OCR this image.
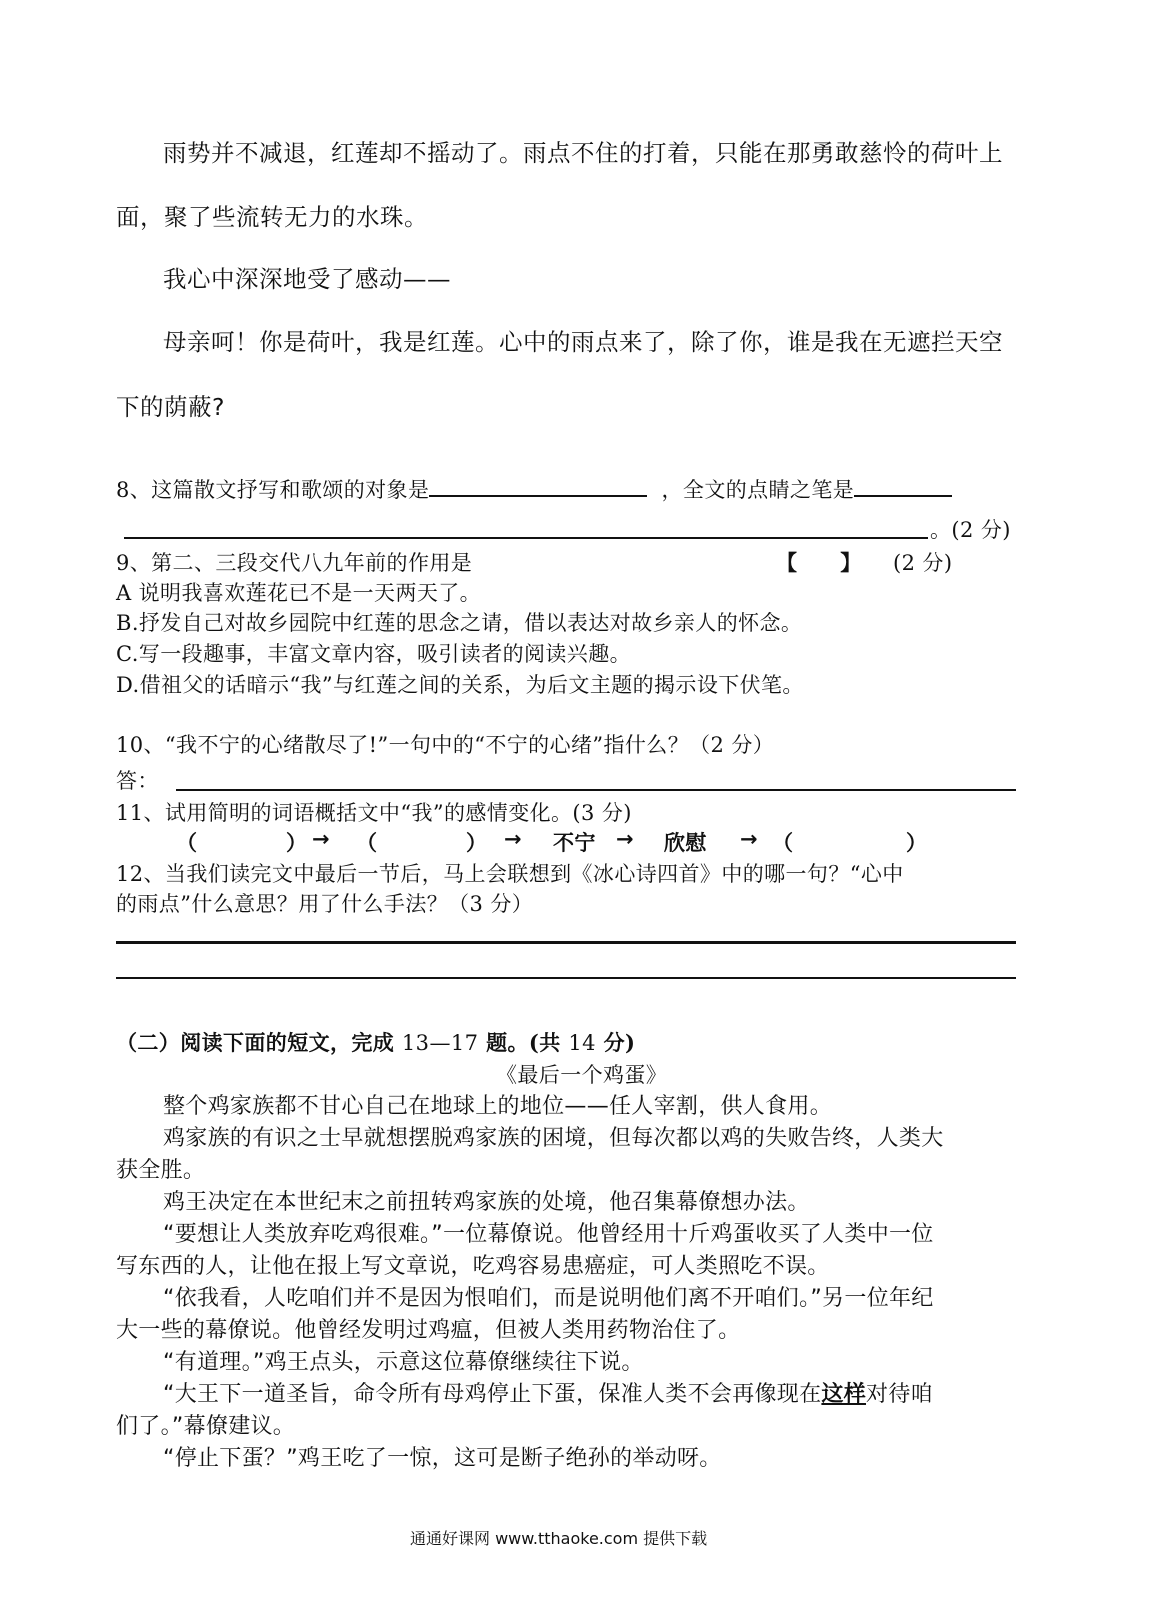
雨势并不减退，红莲却不摇动了。雨点不住的打着，只能在那勇敢慈怜的荷叶上
面，聚了些流转无力的水珠。
我心中深深地受了感动——
母亲呵！你是荷叶，我是红莲。心中的雨点来了，除了你，谁是我在无遮拦天空
下的荫蔽?
8、这篇散文抒写和歌颂的对象是	，全文的点睛之笔是
。(2 分)
9、第二、三段交代八九年前的作用是	【　　】 (2 分)
A 说明我喜欢莲花已不是一天两天了。
B.抒发自己对故乡园院中红莲的思念之请，借以表达对故乡亲人的怀念。
C.写一段趣事，丰富文章内容，吸引读者的阅读兴趣。
D.借祖父的话暗示“我”与红莲之间的关系，为后文主题的揭示设下伏笔。
10、“我不宁的心绪散尽了!”一句中的“不宁的心绪”指什么？（2 分）
答：
11、试用简明的词语概括文中“我”的感情变化。(3 分)
（	） → （	） → 不宁 → 欣慰 → （	）
12、当我们读完文中最后一节后，马上会联想到《冰心诗四首》中的哪一句？“心中
的雨点”什么意思？用了什么手法？（3 分）
（二）阅读下面的短文，完成 13—17 题。(共 14 分)
《最后一个鸡蛋》
整个鸡家族都不甘心自己在地球上的地位——任人宰割，供人食用。
鸡家族的有识之士早就想摆脱鸡家族的困境，但每次都以鸡的失败告终，人类大
获全胜。
鸡王决定在本世纪末之前扭转鸡家族的处境，他召集幕僚想办法。
“要想让人类放弃吃鸡很难。”一位幕僚说。他曾经用十斤鸡蛋收买了人类中一位
写东西的人，让他在报上写文章说，吃鸡容易患癌症，可人类照吃不误。
“依我看，人吃咱们并不是因为恨咱们，而是说明他们离不开咱们。”另一位年纪
大一些的幕僚说。他曾经发明过鸡瘟，但被人类用药物治住了。
“有道理。”鸡王点头，示意这位幕僚继续往下说。
“大王下一道圣旨，命令所有母鸡停止下蛋，保准人类不会再像现在这样对待咱
们了。”幕僚建议。
“停止下蛋？”鸡王吃了一惊，这可是断子绝孙的举动呀。
通通好课网 www.tthaoke.com 提供下载
